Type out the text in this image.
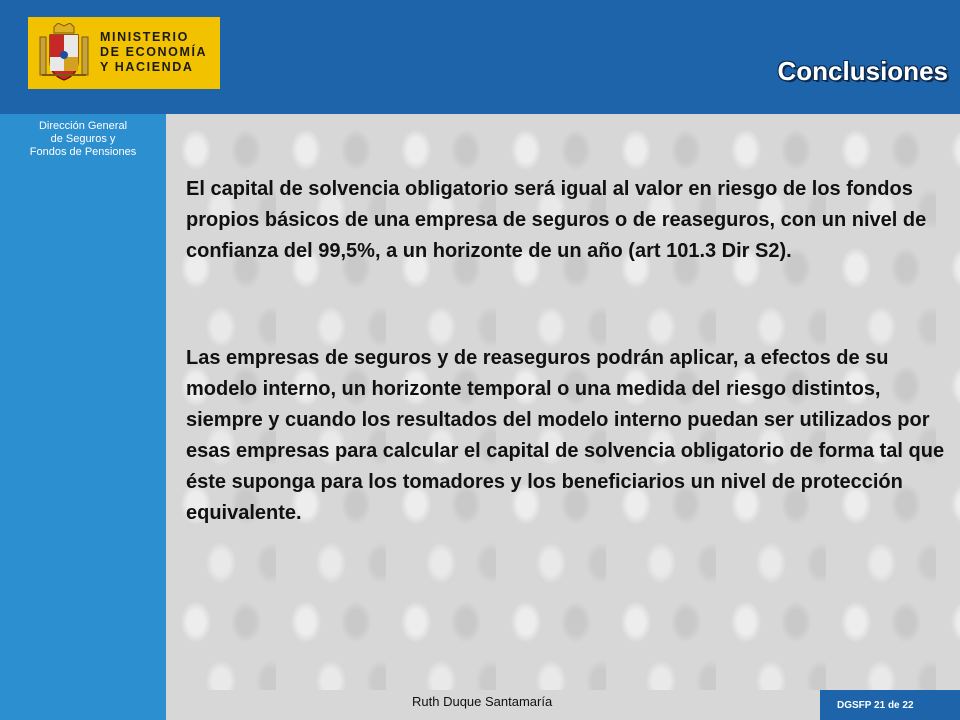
MINISTERIO
DE ECONOMÍA
Y HACIENDA	Conclusiones
Dirección General
de Seguros y
Fondos de Pensiones
El capital de solvencia obligatorio será igual al valor en riesgo de los fondos propios básicos de una empresa de seguros o de reaseguros, con un nivel de confianza del 99,5%, a un horizonte de un año (art 101.3 Dir S2).
Las empresas de seguros y de reaseguros podrán aplicar, a efectos de su modelo interno, un horizonte temporal o una medida del riesgo distintos, siempre y cuando los resultados del modelo interno puedan ser utilizados por esas empresas para calcular el capital de solvencia obligatorio de forma tal que éste suponga para los tomadores y los beneficiarios un nivel de protección equivalente.
Ruth Duque Santamaría	DGSFP 21 de 22
